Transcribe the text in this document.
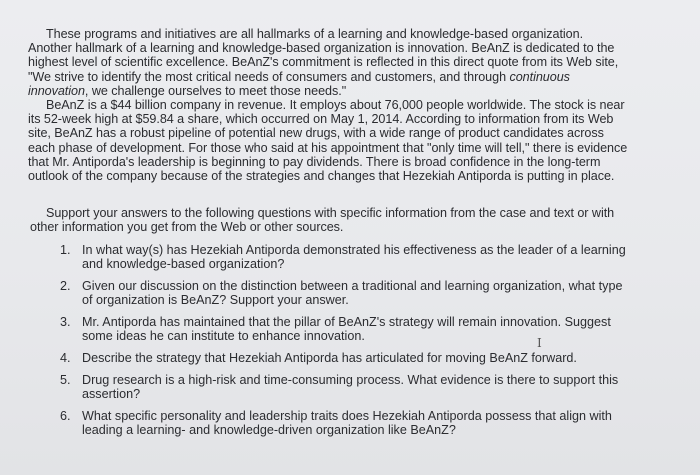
These programs and initiatives are all hallmarks of a learning and knowledge-based organization.
Another hallmark of a learning and knowledge-based organization is innovation. BeAnZ is dedicated to the
highest level of scientific excellence. BeAnZ's commitment is reflected in this direct quote from its Web site,
"We strive to identify the most critical needs of consumers and customers, and through continuous
innovation, we challenge ourselves to meet those needs."
BeAnZ is a $44 billion company in revenue. It employs about 76,000 people worldwide. The stock is near
its 52-week high at $59.84 a share, which occurred on May 1, 2014. According to information from its Web
site, BeAnZ has a robust pipeline of potential new drugs, with a wide range of product candidates across
each phase of development. For those who said at his appointment that "only time will tell," there is evidence
that Mr. Antiporda's leadership is beginning to pay dividends. There is broad confidence in the long-term
outlook of the company because of the strategies and changes that Hezekiah Antiporda is putting in place.
Support your answers to the following questions with specific information from the case and text or with
other information you get from the Web or other sources.
1. In what way(s) has Hezekiah Antiporda demonstrated his effectiveness as the leader of a learning
and knowledge-based organization?
2. Given our discussion on the distinction between a traditional and learning organization, what type
of organization is BeAnZ? Support your answer.
3. Mr. Antiporda has maintained that the pillar of BeAnZ's strategy will remain innovation. Suggest
some ideas he can institute to enhance innovation.
4. Describe the strategy that Hezekiah Antiporda has articulated for moving BeAnZ forward.
5. Drug research is a high-risk and time-consuming process. What evidence is there to support this
assertion?
6. What specific personality and leadership traits does Hezekiah Antiporda possess that align with
leading a learning- and knowledge-driven organization like BeAnZ?
I
